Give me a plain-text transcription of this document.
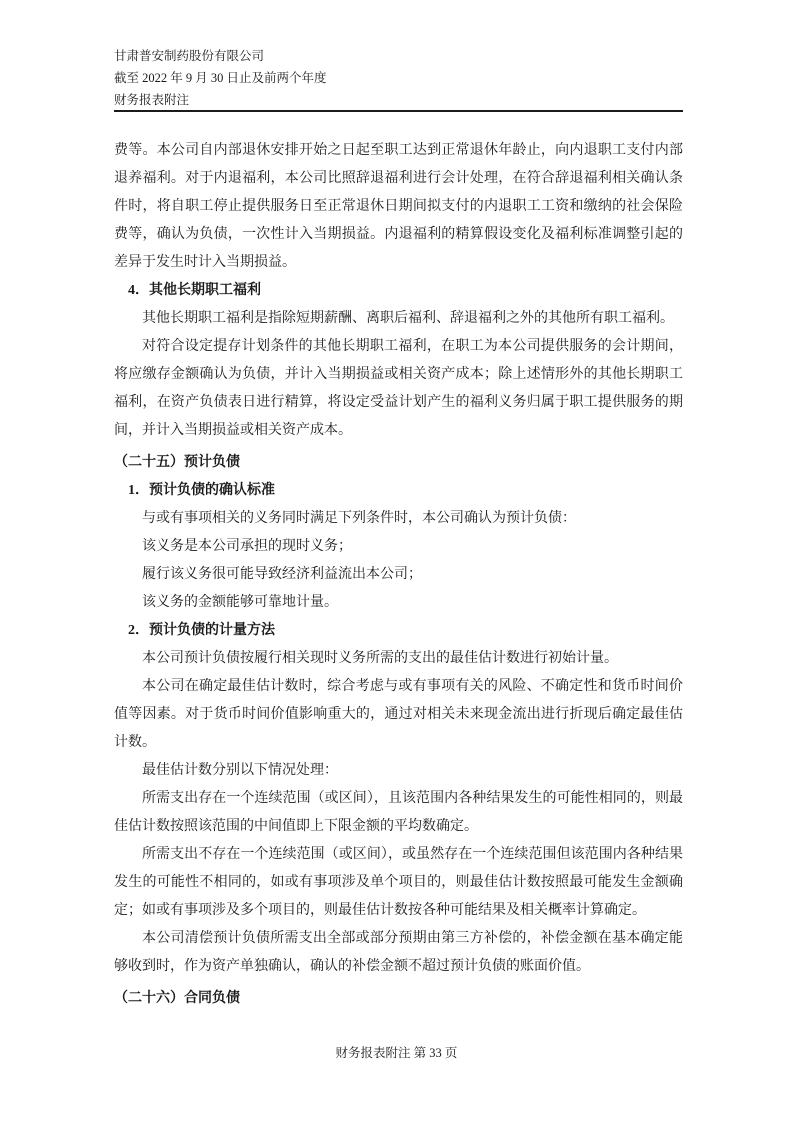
甘肃普安制药股份有限公司
截至 2022 年 9 月 30 日止及前两个年度
财务报表附注

费等。本公司自内部退休安排开始之日起至职工达到正常退休年龄止，向内退职工支付内部退养福利。对于内退福利，本公司比照辞退福利进行会计处理，在符合辞退福利相关确认条件时，将自职工停止提供服务日至正常退休日期间拟支付的内退职工工资和缴纳的社会保险费等，确认为负债，一次性计入当期损益。内退福利的精算假设变化及福利标准调整引起的差异于发生时计入当期损益。

4．其他长期职工福利

其他长期职工福利是指除短期薪酬、离职后福利、辞退福利之外的其他所有职工福利。

对符合设定提存计划条件的其他长期职工福利，在职工为本公司提供服务的会计期间，将应缴存金额确认为负债，并计入当期损益或相关资产成本；除上述情形外的其他长期职工福利，在资产负债表日进行精算，将设定受益计划产生的福利义务归属于职工提供服务的期间，并计入当期损益或相关资产成本。

（二十五）预计负债

1．预计负债的确认标准

与或有事项相关的义务同时满足下列条件时，本公司确认为预计负债：

该义务是本公司承担的现时义务；

履行该义务很可能导致经济利益流出本公司；

该义务的金额能够可靠地计量。

2．预计负债的计量方法

本公司预计负债按履行相关现时义务所需的支出的最佳估计数进行初始计量。

本公司在确定最佳估计数时，综合考虑与或有事项有关的风险、不确定性和货币时间价值等因素。对于货币时间价值影响重大的，通过对相关未来现金流出进行折现后确定最佳估计数。

最佳估计数分别以下情况处理：

所需支出存在一个连续范围（或区间），且该范围内各种结果发生的可能性相同的，则最佳估计数按照该范围的中间值即上下限金额的平均数确定。

所需支出不存在一个连续范围（或区间），或虽然存在一个连续范围但该范围内各种结果发生的可能性不相同的，如或有事项涉及单个项目的，则最佳估计数按照最可能发生金额确定；如或有事项涉及多个项目的，则最佳估计数按各种可能结果及相关概率计算确定。

本公司清偿预计负债所需支出全部或部分预期由第三方补偿的，补偿金额在基本确定能够收到时，作为资产单独确认，确认的补偿金额不超过预计负债的账面价值。

（二十六）合同负债

财务报表附注 第 33 页
